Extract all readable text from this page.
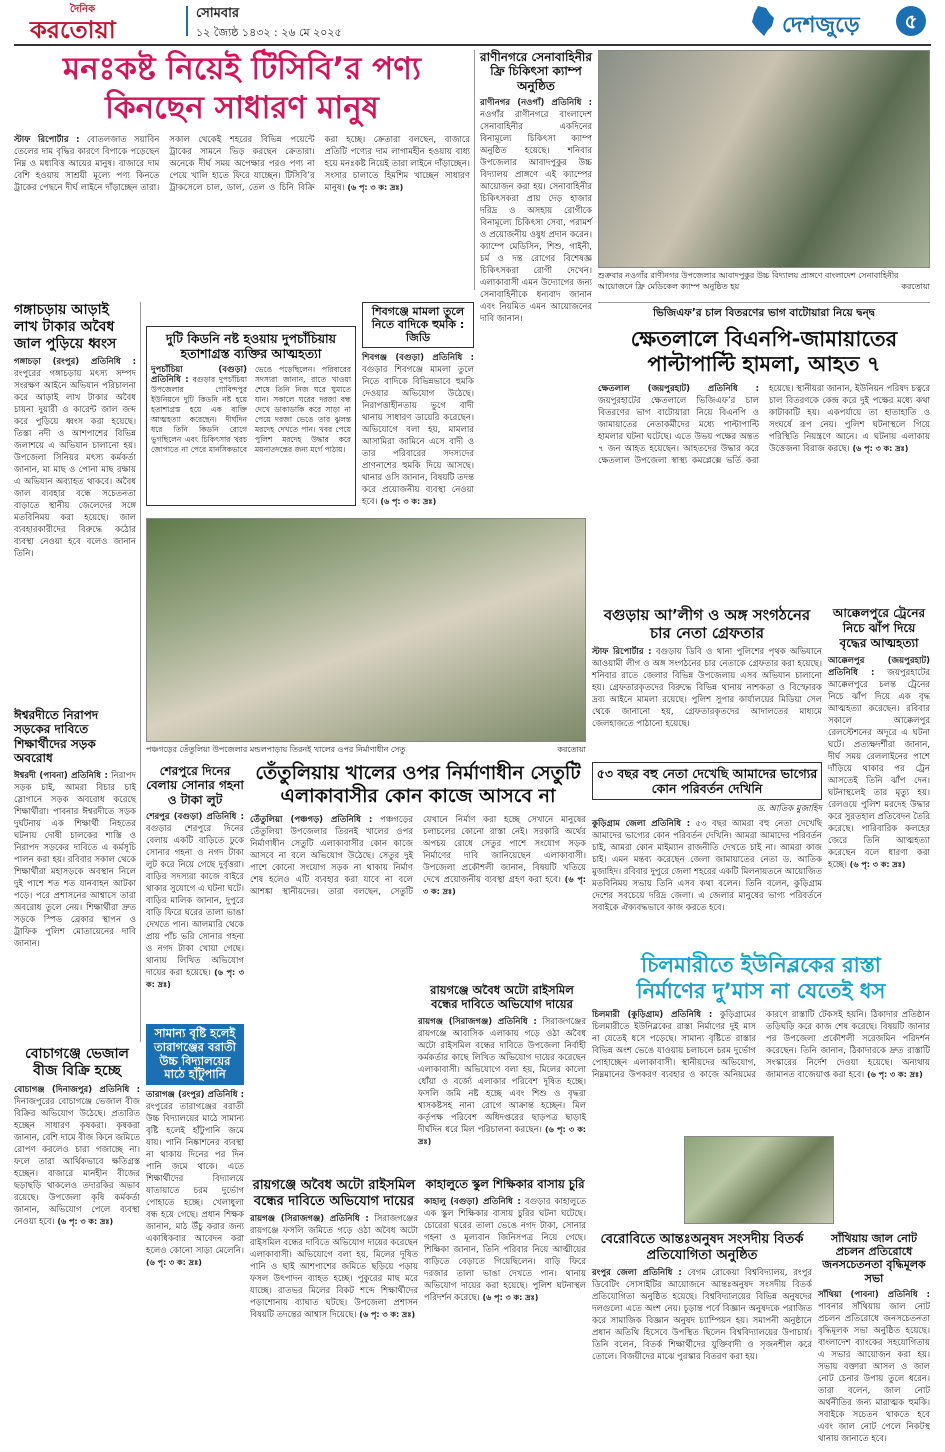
দৈনিক
করতোয়া
সোমবার
১২ জ্যৈষ্ঠ ১৪৩২ : ২৬ মে ২০২৫	দেশজুড়ে	৫
মনঃকষ্ট নিয়েই টিসিবি’র পণ্য
কিনছেন সাধারণ মানুষ
স্টাফ রিপোর্টার : বোতলজাত সয়াবিন তেলের দাম বৃদ্ধির কারণে বিপাকে পড়েছেন নিম্ন ও মধ্যবিত্ত আয়ের মানুষ। বাজারে দাম বেশি হওয়ায় সাশ্রয়ী মূল্যে পণ্য কিনতে ট্রাকের পেছনে দীর্ঘ লাইনে দাঁড়াচ্ছেন তারা। সকাল থেকেই শহরের বিভিন্ন পয়েন্টে ট্রাকের সামনে ভিড় করছেন ক্রেতারা। অনেকে দীর্ঘ সময় অপেক্ষার পরও পণ্য না পেয়ে খালি হাতে ফিরে যাচ্ছেন। টিসিবি’র ট্রাকসেলে চাল, ডাল, তেল ও চিনি বিক্রি করা হচ্ছে। ক্রেতারা বলছেন, বাজারে প্রতিটি পণ্যের দাম লাগামহীন হওয়ায় বাধ্য হয়ে মনঃকষ্ট নিয়েই তারা লাইনে দাঁড়াচ্ছেন। সংসার চালাতে হিমশিম খাচ্ছেন সাধারণ মানুষ। (৬ পৃ: ৩ ক: দ্রঃ)
রাণীনগরে সেনাবাহিনীর ফ্রি চিকিৎসা ক্যাম্প অনুষ্ঠিত
রাণীনগর (নওগাঁ) প্রতিনিধি : নওগাঁর রাণীনগরে বাংলাদেশ সেনাবাহিনীর একদিনের বিনামূল্যে চিকিৎসা ক্যাম্প অনুষ্ঠিত হয়েছে। শনিবার উপজেলার আবাদপুকুর উচ্চ বিদ্যালয় প্রাঙ্গণে এই ক্যাম্পের আয়োজন করা হয়। সেনাবাহিনীর চিকিৎসকরা প্রায় দেড় হাজার দরিদ্র ও অসহায় রোগীকে বিনামূল্যে চিকিৎসা সেবা, পরামর্শ ও প্রয়োজনীয় ওষুধ প্রদান করেন। ক্যাম্পে মেডিসিন, শিশু, গাইনী, চর্ম ও দন্ত রোগের বিশেষজ্ঞ চিকিৎসকরা রোগী দেখেন। এলাকাবাসী এমন উদ্যোগের জন্য সেনাবাহিনীকে ধন্যবাদ জানান এবং নিয়মিত এমন আয়োজনের দাবি জানান।
শুক্রবার নওগাঁর রাণীনগর উপজেলার আবাদপুকুর উচ্চ বিদ্যালয় প্রাঙ্গণে বাংলাদেশ সেনাবাহিনীর আয়োজনে ফ্রি মেডিকেল ক্যাম্প অনুষ্ঠিত হয়	করতোয়া
ভিজিএফ’র চাল বিতরণের ভাগ বাটোয়ারা নিয়ে দ্বন্দ্ব
ক্ষেতলালে বিএনপি-জামায়াতের পাল্টাপাল্টি হামলা, আহত ৭
ক্ষেতলাল (জয়পুরহাট) প্রতিনিধি : জয়পুরহাটের ক্ষেতলালে ভিজিএফ’র চাল বিতরণের ভাগ বাটোয়ারা নিয়ে বিএনপি ও জামায়াতের নেতাকর্মীদের মধ্যে পাল্টাপাল্টি হামলার ঘটনা ঘটেছে। এতে উভয় পক্ষের অন্তত ৭ জন আহত হয়েছেন। আহতদের উদ্ধার করে ক্ষেতলাল উপজেলা স্বাস্থ্য কমপ্লেক্সে ভর্তি করা হয়েছে। স্থানীয়রা জানান, ইউনিয়ন পরিষদ চত্বরে চাল বিতরণকে কেন্দ্র করে দুই পক্ষের মধ্যে কথা কাটাকাটি হয়। একপর্যায়ে তা হাতাহাতি ও সংঘর্ষে রূপ নেয়। পুলিশ ঘটনাস্থলে গিয়ে পরিস্থিতি নিয়ন্ত্রণে আনে। এ ঘটনায় এলাকায় উত্তেজনা বিরাজ করছে। (৬ পৃ: ৩ ক: দ্রঃ)
গঙ্গাচড়ায় আড়াই লাখ টাকার অবৈধ জাল পুড়িয়ে ধ্বংস
গঙ্গাচড়া (রংপুর) প্রতিনিধি : রংপুরের গঙ্গাচড়ায় মৎস্য সম্পদ সংরক্ষণ আইনে অভিযান পরিচালনা করে আড়াই লাখ টাকার অবৈধ চায়না দুয়ারী ও কারেন্ট জাল জব্দ করে পুড়িয়ে ধ্বংস করা হয়েছে। তিস্তা নদী ও আশপাশের বিভিন্ন জলাশয়ে এ অভিযান চালানো হয়। উপজেলা সিনিয়র মৎস্য কর্মকর্তা জানান, মা মাছ ও পোনা মাছ রক্ষায় এ অভিযান অব্যাহত থাকবে। অবৈধ জাল ব্যবহার বন্ধে সচেতনতা বাড়াতে স্থানীয় জেলেদের সঙ্গে মতবিনিময় করা হয়েছে। জাল ব্যবহারকারীদের বিরুদ্ধে কঠোর ব্যবস্থা নেওয়া হবে বলেও জানান তিনি।
দুটি কিডনি নষ্ট হওয়ায় দুপচাঁচিয়ায় হতাশাগ্রস্ত ব্যক্তির আত্মহত্যা
দুপচাঁচিয়া (বগুড়া) প্রতিনিধি : বগুড়ার দুপচাঁচিয়া উপজেলার গোবিন্দপুর ইউনিয়নে দুটি কিডনি নষ্ট হয়ে হতাশাগ্রস্ত হয়ে এক ব্যক্তি আত্মহত্যা করেছেন। দীর্ঘদিন ধরে তিনি কিডনি রোগে ভুগছিলেন এবং চিকিৎসার খরচ জোগাতে না পেরে মানসিকভাবে ভেঙে পড়েছিলেন। পরিবারের সদস্যরা জানান, রাতে খাওয়া শেষে তিনি নিজ ঘরে ঘুমাতে যান। সকালে ঘরের দরজা বন্ধ দেখে ডাকাডাকি করে সাড়া না পেয়ে দরজা ভেঙে তার ঝুলন্ত মরদেহ দেখতে পান। খবর পেয়ে পুলিশ মরদেহ উদ্ধার করে ময়নাতদন্তের জন্য মর্গে পাঠায়।
শিবগঞ্জে মামলা তুলে নিতে বাদিকে হুমকি : জিডি
শিবগঞ্জ (বগুড়া) প্রতিনিধি : বগুড়ার শিবগঞ্জে মামলা তুলে নিতে বাদিকে বিভিন্নভাবে হুমকি দেওয়ার অভিযোগ উঠেছে। নিরাপত্তাহীনতায় ভুগে বাদী থানায় সাধারণ ডায়েরি করেছেন। অভিযোগে বলা হয়, মামলার আসামিরা জামিনে এসে বাদী ও তার পরিবারের সদস্যদের প্রাণনাশের হুমকি দিয়ে আসছে। থানার ওসি জানান, বিষয়টি তদন্ত করে প্রয়োজনীয় ব্যবস্থা নেওয়া হবে। (৬ পৃ: ৩ ক: দ্রঃ)
পঞ্চগড়ের তেঁতুলিয়া উপজেলার মন্ডলপাড়ায় তিরনই খালের ওপর নির্মাণাধীন সেতু	করতোয়া
তেঁতুলিয়ায় খালের ওপর নির্মাণাধীন সেতুটি এলাকাবাসীর কোন কাজে আসবে না
তেঁতুলিয়া (পঞ্চগড়) প্রতিনিধি : পঞ্চগড়ের তেঁতুলিয়া উপজেলার তিরনই খালের ওপর নির্মাণাধীন সেতুটি এলাকাবাসীর কোন কাজে আসবে না বলে অভিযোগ উঠেছে। সেতুর দুই পাশে কোনো সংযোগ সড়ক না থাকায় নির্মাণ শেষ হলেও এটি ব্যবহার করা যাবে না বলে আশঙ্কা স্থানীয়দের। তারা বলছেন, সেতুটি যেখানে নির্মাণ করা হচ্ছে সেখানে মানুষের চলাচলের কোনো রাস্তা নেই। সরকারি অর্থের অপচয় রোধে সেতুর পাশে সংযোগ সড়ক নির্মাণের দাবি জানিয়েছেন এলাকাবাসী। উপজেলা প্রকৌশলী জানান, বিষয়টি খতিয়ে দেখে প্রয়োজনীয় ব্যবস্থা গ্রহণ করা হবে। (৬ পৃ: ৩ ক: দ্রঃ)
বগুড়ায় আ’লীগ ও অঙ্গ সংগঠনের
চার নেতা গ্রেফতার
স্টাফ রিপোর্টার : বগুড়ায় ডিবি ও থানা পুলিশের পৃথক অভিযানে আওয়ামী লীগ ও অঙ্গ সংগঠনের চার নেতাকে গ্রেফতার করা হয়েছে। শনিবার রাতে জেলার বিভিন্ন উপজেলায় এসব অভিযান চালানো হয়। গ্রেফতারকৃতদের বিরুদ্ধে বিভিন্ন থানায় নাশকতা ও বিস্ফোরক দ্রব্য আইনে মামলা রয়েছে। পুলিশ সুপার কার্যালয়ের মিডিয়া সেল থেকে জানানো হয়, গ্রেফতারকৃতদের আদালতের মাধ্যমে জেলহাজতে পাঠানো হয়েছে।
৫৩ বছর বহু নেতা দেখেছি আমাদের ভাগ্যের কোন পরিবর্তন দেখিনি
ড. আতিক মুজাহিদ
কুড়িগ্রাম জেলা প্রতিনিধি : ৫৩ বছর আমরা বহু নেতা দেখেছি আমাদের ভাগ্যের কোন পরিবর্তন দেখিনি। আমরা আমাদের পরিবর্তন চাই, আমরা কোন মাইম্যান রাজনীতি দেখতে চাই না। আমরা কাজ চাই। এমন মন্তব্য করেছেন জেলা জামায়াতের নেতা ড. আতিক মুজাহিদ। রবিবার দুপুরে জেলা শহরের একটি মিলনায়তনে আয়োজিত মতবিনিময় সভায় তিনি এসব কথা বলেন। তিনি বলেন, কুড়িগ্রাম দেশের সবচেয়ে দরিদ্র জেলা। এ জেলার মানুষের ভাগ্য পরিবর্তনে সবাইকে ঐক্যবদ্ধভাবে কাজ করতে হবে।
আক্কেলপুরে ট্রেনের নিচে ঝাঁপ দিয়ে বৃদ্ধের আত্মহত্যা
আক্কেলপুর (জয়পুরহাট) প্রতিনিধি : জয়পুরহাটের আক্কেলপুরে চলন্ত ট্রেনের নিচে ঝাঁপ দিয়ে এক বৃদ্ধ আত্মহত্যা করেছেন। রবিবার সকালে আক্কেলপুর রেলস্টেশনের অদূরে এ ঘটনা ঘটে। প্রত্যক্ষদর্শীরা জানান, দীর্ঘ সময় রেললাইনের পাশে দাঁড়িয়ে থাকার পর ট্রেন আসতেই তিনি ঝাঁপ দেন। ঘটনাস্থলেই তার মৃত্যু হয়। রেলওয়ে পুলিশ মরদেহ উদ্ধার করে সুরতহাল প্রতিবেদন তৈরি করেছে। পারিবারিক কলহের জেরে তিনি আত্মহত্যা করেছেন বলে ধারণা করা হচ্ছে। (৬ পৃ: ৩ ক: দ্রঃ)
ঈশ্বরদীতে নিরাপদ সড়কের দাবিতে শিক্ষার্থীদের সড়ক অবরোধ
ঈশ্বরদী (পাবনা) প্রতিনিধি : নিরাপদ সড়ক চাই, আমরা বিচার চাই স্লোগানে সড়ক অবরোধ করেছে শিক্ষার্থীরা। পাবনার ঈশ্বরদীতে সড়ক দুর্ঘটনায় এক শিক্ষার্থী নিহতের ঘটনায় দোষী চালকের শাস্তি ও নিরাপদ সড়কের দাবিতে এ কর্মসূচি পালন করা হয়। রবিবার সকাল থেকে শিক্ষার্থীরা মহাসড়কে অবস্থান নিলে দুই পাশে শত শত যানবাহন আটকা পড়ে। পরে প্রশাসনের আশ্বাসে তারা অবরোধ তুলে নেয়। শিক্ষার্থীরা দ্রুত সড়কে স্পিড ব্রেকার স্থাপন ও ট্রাফিক পুলিশ মোতায়েনের দাবি জানান।
শেরপুরে দিনের বেলায় সোনার গহনা ও টাকা লুট
শেরপুর (বগুড়া) প্রতিনিধি : বগুড়ার শেরপুরে দিনের বেলায় একটি বাড়িতে ঢুকে সোনার গহনা ও নগদ টাকা লুট করে নিয়ে গেছে দুর্বৃত্তরা। বাড়ির সদস্যরা কাজে বাইরে থাকার সুযোগে এ ঘটনা ঘটে। বাড়ির মালিক জানান, দুপুরে বাড়ি ফিরে ঘরের তালা ভাঙা দেখতে পান। আলমারি থেকে প্রায় পাঁচ ভরি সোনার গহনা ও নগদ টাকা খোয়া গেছে। থানায় লিখিত অভিযোগ দায়ের করা হয়েছে। (৬ পৃ: ৩ ক: দ্রঃ)	রায়গঞ্জে অবৈধ অটো রাইসমিল বন্ধের দাবিতে অভিযোগ দায়ের
রায়গঞ্জ (সিরাজগঞ্জ) প্রতিনিধি : সিরাজগঞ্জের রায়গঞ্জে আবাসিক এলাকায় গড়ে ওঠা অবৈধ অটো রাইসমিল বন্ধের দাবিতে উপজেলা নির্বাহী কর্মকর্তার কাছে লিখিত অভিযোগ দায়ের করেছেন এলাকাবাসী। অভিযোগে বলা হয়, মিলের কালো ধোঁয়া ও বর্জ্যে এলাকার পরিবেশ দূষিত হচ্ছে। ফসলি জমি নষ্ট হচ্ছে এবং শিশু ও বৃদ্ধরা শ্বাসকষ্টসহ নানা রোগে আক্রান্ত হচ্ছেন। মিল কর্তৃপক্ষ পরিবেশ অধিদপ্তরের ছাড়পত্র ছাড়াই দীর্ঘদিন ধরে মিল পরিচালনা করছেন। (৬ পৃ: ৩ ক: দ্রঃ)
চিলমারীতে ইউনিব্লকের রাস্তা
নির্মাণের দু’মাস না যেতেই ধস
চিলমারী (কুড়িগ্রাম) প্রতিনিধি : কুড়িগ্রামের চিলমারীতে ইউনিব্লকের রাস্তা নির্মাণের দুই মাস না যেতেই ধসে পড়েছে। সামান্য বৃষ্টিতে রাস্তার বিভিন্ন অংশ ভেঙে যাওয়ায় চলাচলে চরম দুর্ভোগ পোহাচ্ছেন এলাকাবাসী। স্থানীয়দের অভিযোগ, নিম্নমানের উপকরণ ব্যবহার ও কাজে অনিয়মের কারণে রাস্তাটি টেকসই হয়নি। ঠিকাদার প্রতিষ্ঠান তড়িঘড়ি করে কাজ শেষ করেছে। বিষয়টি জানার পর উপজেলা প্রকৌশলী সরেজমিন পরিদর্শন করেছেন। তিনি জানান, ঠিকাদারকে দ্রুত রাস্তাটি সংস্কারের নির্দেশ দেওয়া হয়েছে। অন্যথায় জামানত বাজেয়াপ্ত করা হবে। (৬ পৃ: ৩ ক: দ্রঃ)
সামান্য বৃষ্টি হলেই তারাগঞ্জের বরাতী উচ্চ বিদ্যালয়ের মাঠে হাঁটুপানি
তারাগঞ্জ (রংপুর) প্রতিনিধি : রংপুরের তারাগঞ্জের বরাতী উচ্চ বিদ্যালয়ের মাঠে সামান্য বৃষ্টি হলেই হাঁটুপানি জমে যায়। পানি নিষ্কাশনের ব্যবস্থা না থাকায় দিনের পর দিন পানি জমে থাকে। এতে শিক্ষার্থীদের বিদ্যালয়ে যাতায়াতে চরম দুর্ভোগ পোহাতে হচ্ছে। খেলাধুলা বন্ধ হয়ে গেছে। প্রধান শিক্ষক জানান, মাঠ উঁচু করার জন্য একাধিকবার আবেদন করা হলেও কোনো সাড়া মেলেনি। (৬ পৃ: ৩ ক: দ্রঃ)
বোচাগঞ্জে ভেজাল বীজ বিক্রি হচ্ছে
বোচাগঞ্জ (দিনাজপুর) প্রতিনিধি : দিনাজপুরের বোচাগঞ্জে ভেজাল বীজ বিক্রির অভিযোগ উঠেছে। প্রতারিত হচ্ছেন সাধারণ কৃষকরা। কৃষকরা জানান, বেশি দামে বীজ কিনে জমিতে রোপণ করলেও চারা গজাচ্ছে না। ফলে তারা আর্থিকভাবে ক্ষতিগ্রস্ত হচ্ছেন। বাজারে মানহীন বীজের ছড়াছড়ি থাকলেও তদারকির অভাব রয়েছে। উপজেলা কৃষি কর্মকর্তা জানান, অভিযোগ পেলে ব্যবস্থা নেওয়া হবে। (৬ পৃ: ৩ ক: দ্রঃ)
রায়গঞ্জে অবৈধ অটো রাইসমিল বন্ধের দাবিতে অভিযোগ দায়ের
রায়গঞ্জ (সিরাজগঞ্জ) প্রতিনিধি : সিরাজগঞ্জের রায়গঞ্জে ফসলি জমিতে গড়ে ওঠা অবৈধ অটো রাইসমিল বন্ধের দাবিতে অভিযোগ দায়ের করেছেন এলাকাবাসী। অভিযোগে বলা হয়, মিলের দূষিত পানি ও ছাই আশপাশের জমিতে ছড়িয়ে পড়ায় ফসল উৎপাদন ব্যাহত হচ্ছে। পুকুরের মাছ মরে যাচ্ছে। রাতভর মিলের বিকট শব্দে শিক্ষার্থীদের পড়াশোনায় ব্যাঘাত ঘটছে। উপজেলা প্রশাসন বিষয়টি তদন্তের আশ্বাস দিয়েছে। (৬ পৃ: ৩ ক: দ্রঃ)
কাহালুতে স্কুল শিক্ষিকার বাসায় চুরি
কাহালু (বগুড়া) প্রতিনিধি : বগুড়ার কাহালুতে এক স্কুল শিক্ষিকার বাসায় চুরির ঘটনা ঘটেছে। চোরেরা ঘরের তালা ভেঙে নগদ টাকা, সোনার গহনা ও মূল্যবান জিনিসপত্র নিয়ে গেছে। শিক্ষিকা জানান, তিনি পরিবার নিয়ে আত্মীয়ের বাড়িতে বেড়াতে গিয়েছিলেন। বাড়ি ফিরে দরজার তালা ভাঙা দেখতে পান। থানায় অভিযোগ দায়ের করা হয়েছে। পুলিশ ঘটনাস্থল পরিদর্শন করেছে। (৬ পৃ: ৩ ক: দ্রঃ)
বেরোবিতে আন্তঃঅনুষদ সংসদীয় বিতর্ক প্রতিযোগিতা অনুষ্ঠিত
রংপুর জেলা প্রতিনিধি : বেগম রোকেয়া বিশ্ববিদ্যালয়, রংপুর ডিবেটিং সোসাইটির আয়োজনে আন্তঃঅনুষদ সংসদীয় বিতর্ক প্রতিযোগিতা অনুষ্ঠিত হয়েছে। বিশ্ববিদ্যালয়ের বিভিন্ন অনুষদের দলগুলো এতে অংশ নেয়। চূড়ান্ত পর্বে বিজ্ঞান অনুষদকে পরাজিত করে সামাজিক বিজ্ঞান অনুষদ চ্যাম্পিয়ন হয়। সমাপনী অনুষ্ঠানে প্রধান অতিথি হিসেবে উপস্থিত ছিলেন বিশ্ববিদ্যালয়ের উপাচার্য। তিনি বলেন, বিতর্ক শিক্ষার্থীদের যুক্তিবাদী ও সৃজনশীল করে তোলে। বিজয়ীদের মাঝে পুরস্কার বিতরণ করা হয়।
সাঁথিয়ায় জাল নোট প্রচলন প্রতিরোধে জনসচেতনতা বৃদ্ধিমূলক সভা
সাঁথিয়া (পাবনা) প্রতিনিধি : পাবনার সাঁথিয়ায় জাল নোট প্রচলন প্রতিরোধে জনসচেতনতা বৃদ্ধিমূলক সভা অনুষ্ঠিত হয়েছে। বাংলাদেশ ব্যাংকের সহযোগিতায় এ সভার আয়োজন করা হয়। সভায় বক্তারা আসল ও জাল নোট চেনার উপায় তুলে ধরেন। তারা বলেন, জাল নোট অর্থনীতির জন্য মারাত্মক হুমকি। সবাইকে সচেতন থাকতে হবে এবং জাল নোট পেলে নিকটস্থ থানায় জানাতে হবে।
